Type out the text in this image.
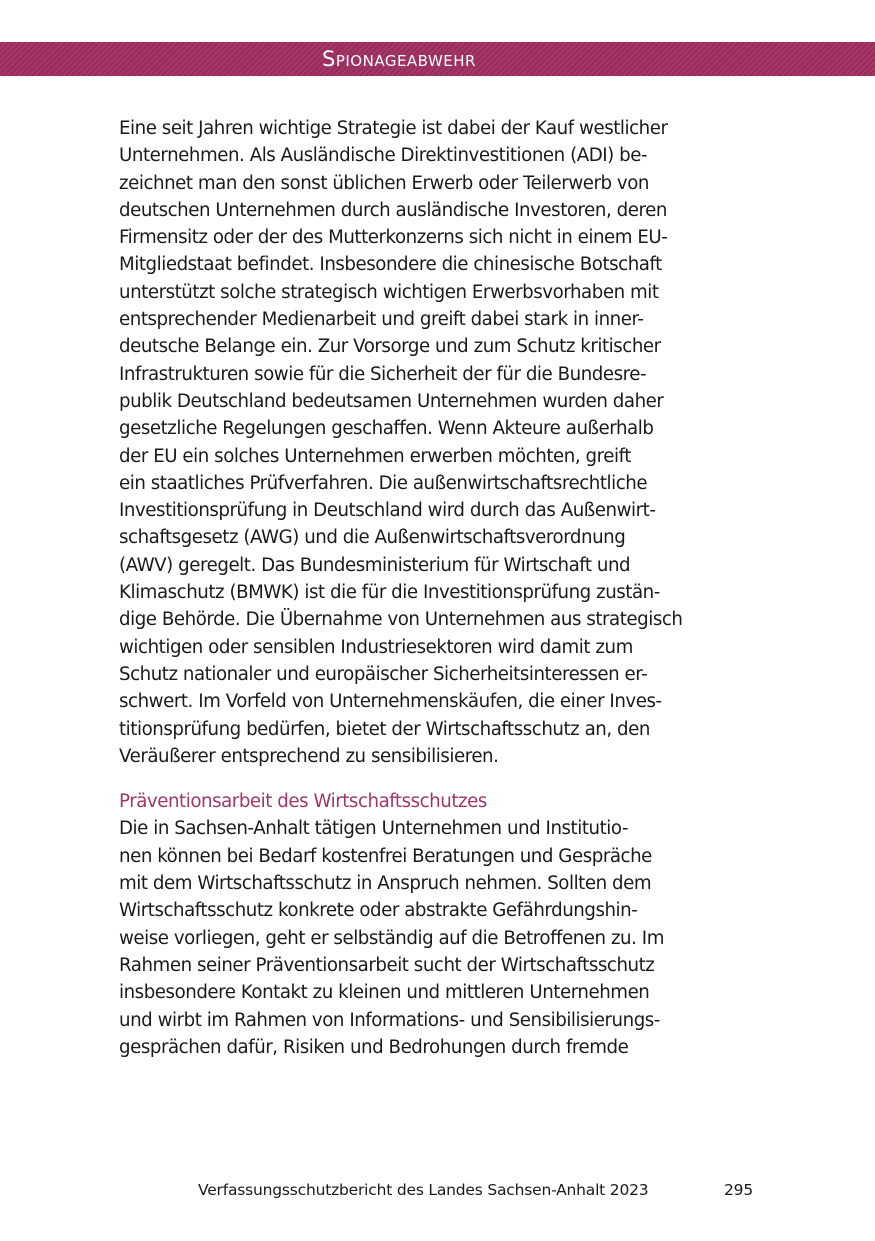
Spionageabwehr
Eine seit Jahren wichtige Strategie ist dabei der Kauf westlicher
Unternehmen. Als Ausländische Direktinvestitionen (ADI) be-
zeichnet man den sonst üblichen Erwerb oder Teilerwerb von
deutschen Unternehmen durch ausländische Investoren, deren
Firmensitz oder der des Mutterkonzerns sich nicht in einem EU-
Mitgliedstaat befindet. Insbesondere die chinesische Botschaft
unterstützt solche strategisch wichtigen Erwerbsvorhaben mit
entsprechender Medienarbeit und greift dabei stark in inner-
deutsche Belange ein. Zur Vorsorge und zum Schutz kritischer
Infrastrukturen sowie für die Sicherheit der für die Bundesre-
publik Deutschland bedeutsamen Unternehmen wurden daher
gesetzliche Regelungen geschaffen. Wenn Akteure außerhalb
der EU ein solches Unternehmen erwerben möchten, greift
ein staatliches Prüfverfahren. Die außenwirtschaftsrechtliche
Investitionsprüfung in Deutschland wird durch das Außenwirt-
schaftsgesetz (AWG) und die Außenwirtschaftsverordnung
(AWV) geregelt. Das Bundesministerium für Wirtschaft und
Klimaschutz (BMWK) ist die für die Investitionsprüfung zustän-
dige Behörde. Die Übernahme von Unternehmen aus strategisch
wichtigen oder sensiblen Industriesektoren wird damit zum
Schutz nationaler und europäischer Sicherheitsinteressen er-
schwert. Im Vorfeld von Unternehmenskäufen, die einer Inves-
titionsprüfung bedürfen, bietet der Wirtschaftsschutz an, den
Veräußerer entsprechend zu sensibilisieren.
Präventionsarbeit des Wirtschaftsschutzes
Die in Sachsen-Anhalt tätigen Unternehmen und Institutio-
nen können bei Bedarf kostenfrei Beratungen und Gespräche
mit dem Wirtschaftsschutz in Anspruch nehmen. Sollten dem
Wirtschaftsschutz konkrete oder abstrakte Gefährdungshin-
weise vorliegen, geht er selbständig auf die Betroffenen zu. Im
Rahmen seiner Präventionsarbeit sucht der Wirtschaftsschutz
insbesondere Kontakt zu kleinen und mittleren Unternehmen
und wirbt im Rahmen von Informations- und Sensibilisierungs-
gesprächen dafür, Risiken und Bedrohungen durch fremde
Verfassungsschutzbericht des Landes Sachsen-Anhalt 2023	295
